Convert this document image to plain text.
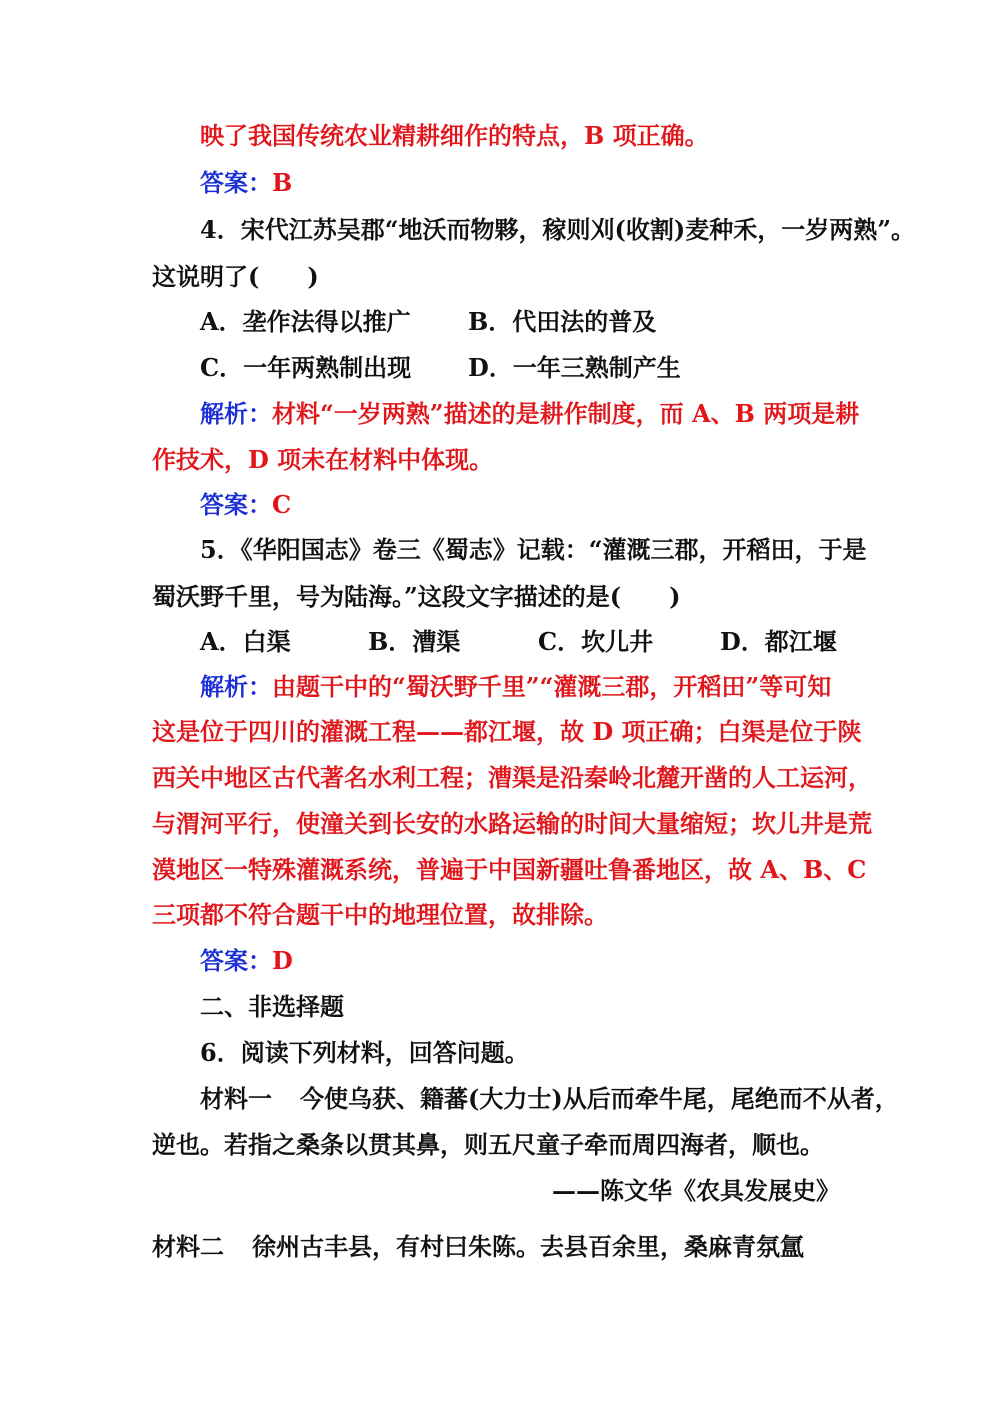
映了我国传统农业精耕细作的特点，B 项正确。
答案：B
4．宋代江苏吴郡“地沃而物夥，稼则刈(收割)麦种禾，一岁两熟”。
这说明了(　　)
A．垄作法得以推广 B．代田法的普及
C．一年两熟制出现 D．一年三熟制产生
解析：材料“一岁两熟”描述的是耕作制度，而 A、B 两项是耕
作技术，D 项未在材料中体现。
答案：C
5．《华阳国志》卷三《蜀志》记载：“灌溉三郡，开稻田，于是
蜀沃野千里，号为陆海。”这段文字描述的是(　　)
A．白渠	B．漕渠	C．坎儿井	D．都江堰
解析：由题干中的“蜀沃野千里”“灌溉三郡，开稻田”等可知
这是位于四川的灌溉工程——都江堰，故 D 项正确；白渠是位于陕
西关中地区古代著名水利工程；漕渠是沿秦岭北麓开凿的人工运河，
与渭河平行，使潼关到长安的水路运输的时间大量缩短；坎儿井是荒
漠地区一特殊灌溉系统，普遍于中国新疆吐鲁番地区，故 A、B、C
三项都不符合题干中的地理位置，故排除。
答案：D
二、非选择题
6．阅读下列材料，回答问题。
材料一 今使乌获、籍蕃(大力士)从后而牵牛尾，尾绝而不从者，
逆也。若指之桑条以贯其鼻，则五尺童子牵而周四海者，顺也。
——陈文华《农具发展史》
材料二 徐州古丰县，有村曰朱陈。去县百余里，桑麻青氛氲
